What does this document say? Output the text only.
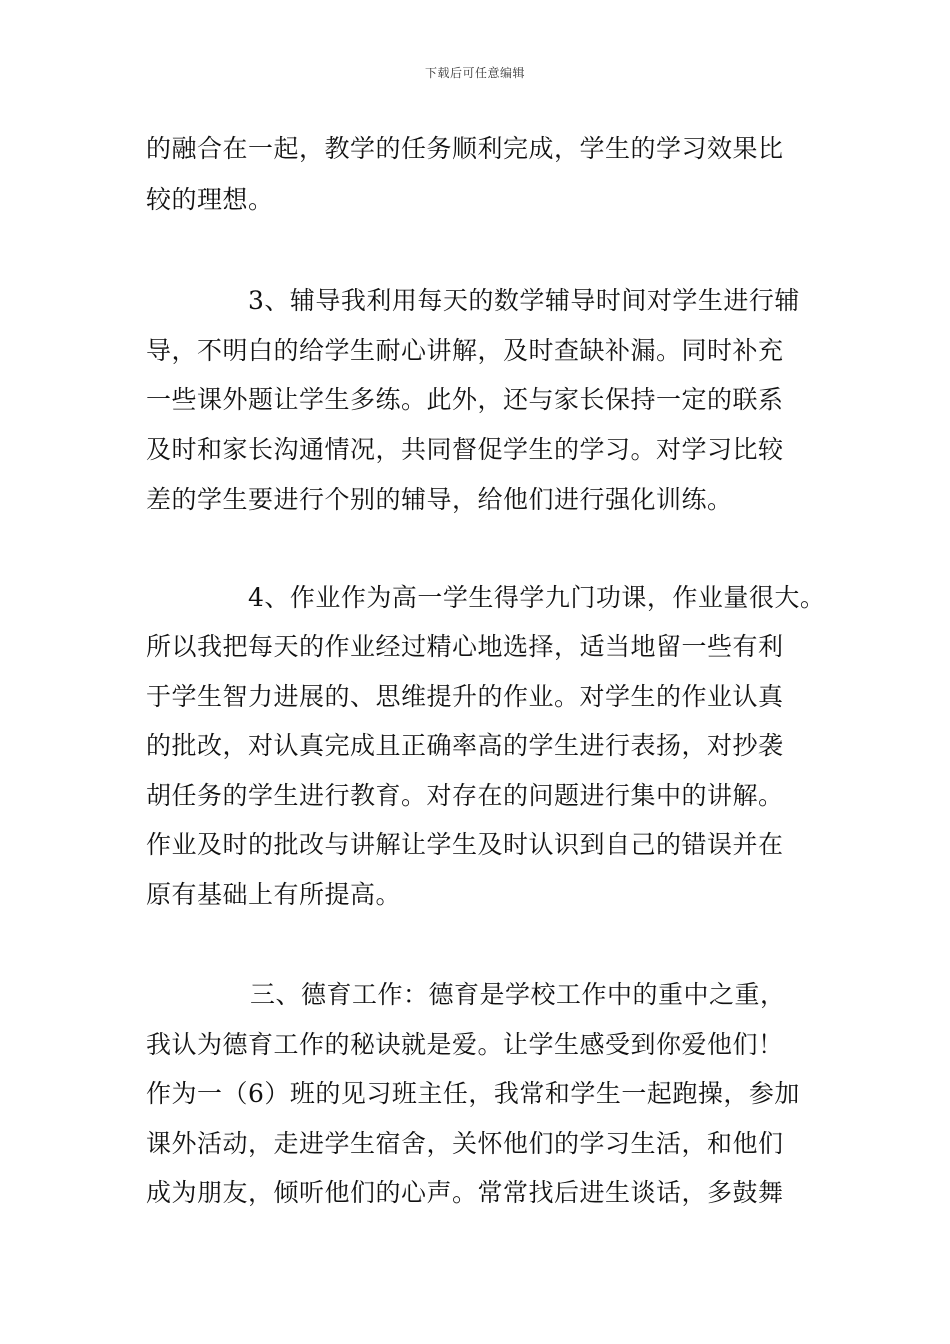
下载后可任意编辑
的融合在一起，教学的任务顺利完成，学生的学习效果比
较的理想。
3、辅导我利用每天的数学辅导时间对学生进行辅
导，不明白的给学生耐心讲解，及时查缺补漏。同时补充
一些课外题让学生多练。此外，还与家长保持一定的联系
及时和家长沟通情况，共同督促学生的学习。对学习比较
差的学生要进行个别的辅导，给他们进行强化训练。
4、作业作为高一学生得学九门功课，作业量很大。
所以我把每天的作业经过精心地选择，适当地留一些有利
于学生智力进展的、思维提升的作业。对学生的作业认真
的批改，对认真完成且正确率高的学生进行表扬，对抄袭
胡任务的学生进行教育。对存在的问题进行集中的讲解。
作业及时的批改与讲解让学生及时认识到自己的错误并在
原有基础上有所提高。
三、德育工作：德育是学校工作中的重中之重，
我认为德育工作的秘诀就是爱。让学生感受到你爱他们！
作为一（6）班的见习班主任，我常和学生一起跑操，参加
课外活动，走进学生宿舍，关怀他们的学习生活，和他们
成为朋友，倾听他们的心声。常常找后进生谈话，多鼓舞
